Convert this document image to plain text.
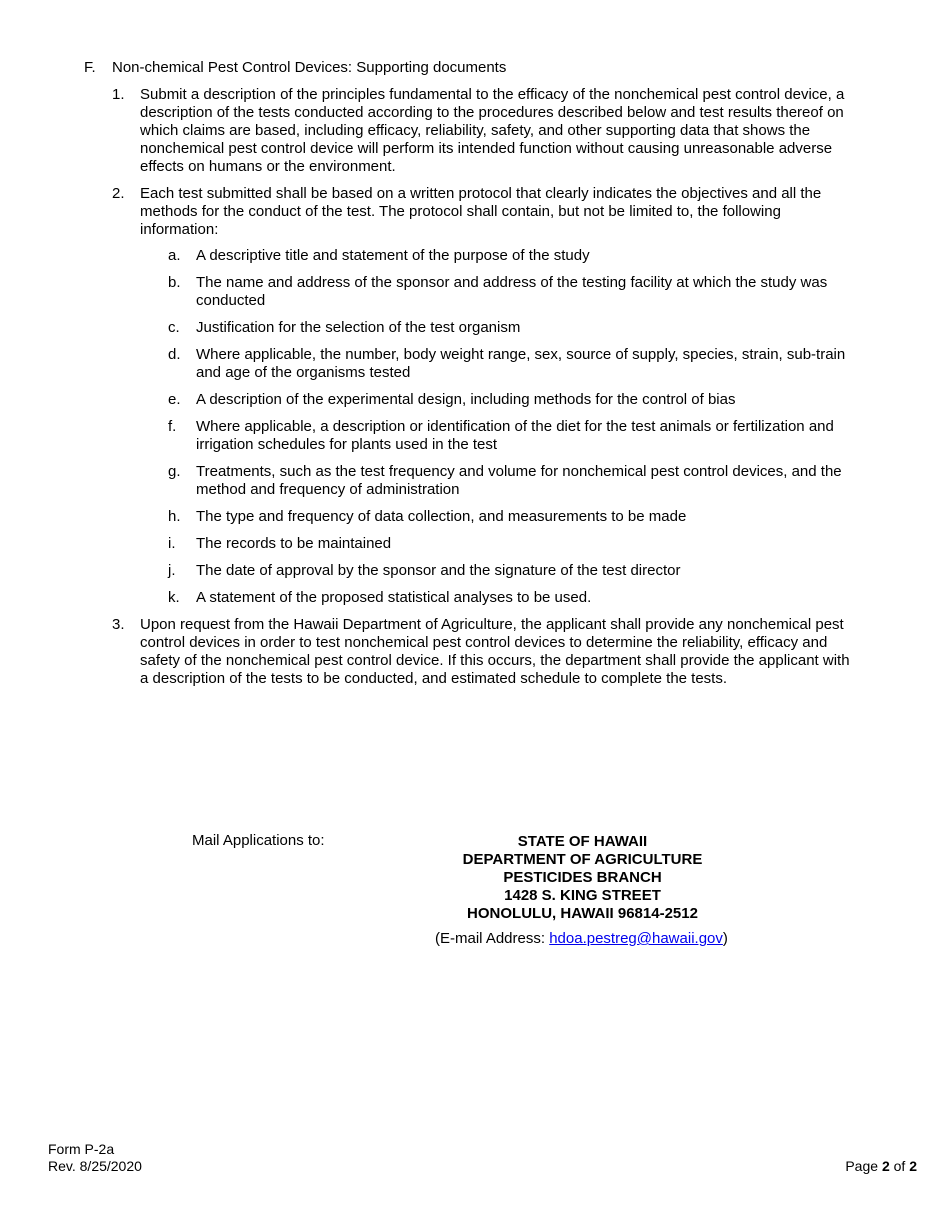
F.	Non-chemical Pest Control Devices: Supporting documents
1.	Submit a description of the principles fundamental to the efficacy of the nonchemical pest control device, a description of the tests conducted according to the procedures described below and test results thereof on which claims are based, including efficacy, reliability, safety, and other supporting data that shows the nonchemical pest control device will perform its intended function without causing unreasonable adverse effects on humans or the environment.
2.	Each test submitted shall be based on a written protocol that clearly indicates the objectives and all the methods for the conduct of the test. The protocol shall contain, but not be limited to, the following information:
a.	A descriptive title and statement of the purpose of the study
b.	The name and address of the sponsor and address of the testing facility at which the study was conducted
c.	Justification for the selection of the test organism
d.	Where applicable, the number, body weight range, sex, source of supply, species, strain, sub-train and age of the organisms tested
e.	A description of the experimental design, including methods for the control of bias
f.	Where applicable, a description or identification of the diet for the test animals or fertilization and irrigation schedules for plants used in the test
g.	Treatments, such as the test frequency and volume for nonchemical pest control devices, and the method and frequency of administration
h.	The type and frequency of data collection, and measurements to be made
i.	The records to be maintained
j.	The date of approval by the sponsor and the signature of the test director
k.	A statement of the proposed statistical analyses to be used.
3.	Upon request from the Hawaii Department of Agriculture, the applicant shall provide any nonchemical pest control devices in order to test nonchemical pest control devices to determine the reliability, efficacy and safety of the nonchemical pest control device. If this occurs, the department shall provide the applicant with a description of the tests to be conducted, and estimated schedule to complete the tests.
Mail Applications to:	STATE OF HAWAII
DEPARTMENT OF AGRICULTURE
PESTICIDES BRANCH
1428 S. KING STREET
HONOLULU, HAWAII 96814-2512
(E-mail Address: hdoa.pestreg@hawaii.gov)
Form P-2a
Rev. 8/25/2020	Page 2 of 2
